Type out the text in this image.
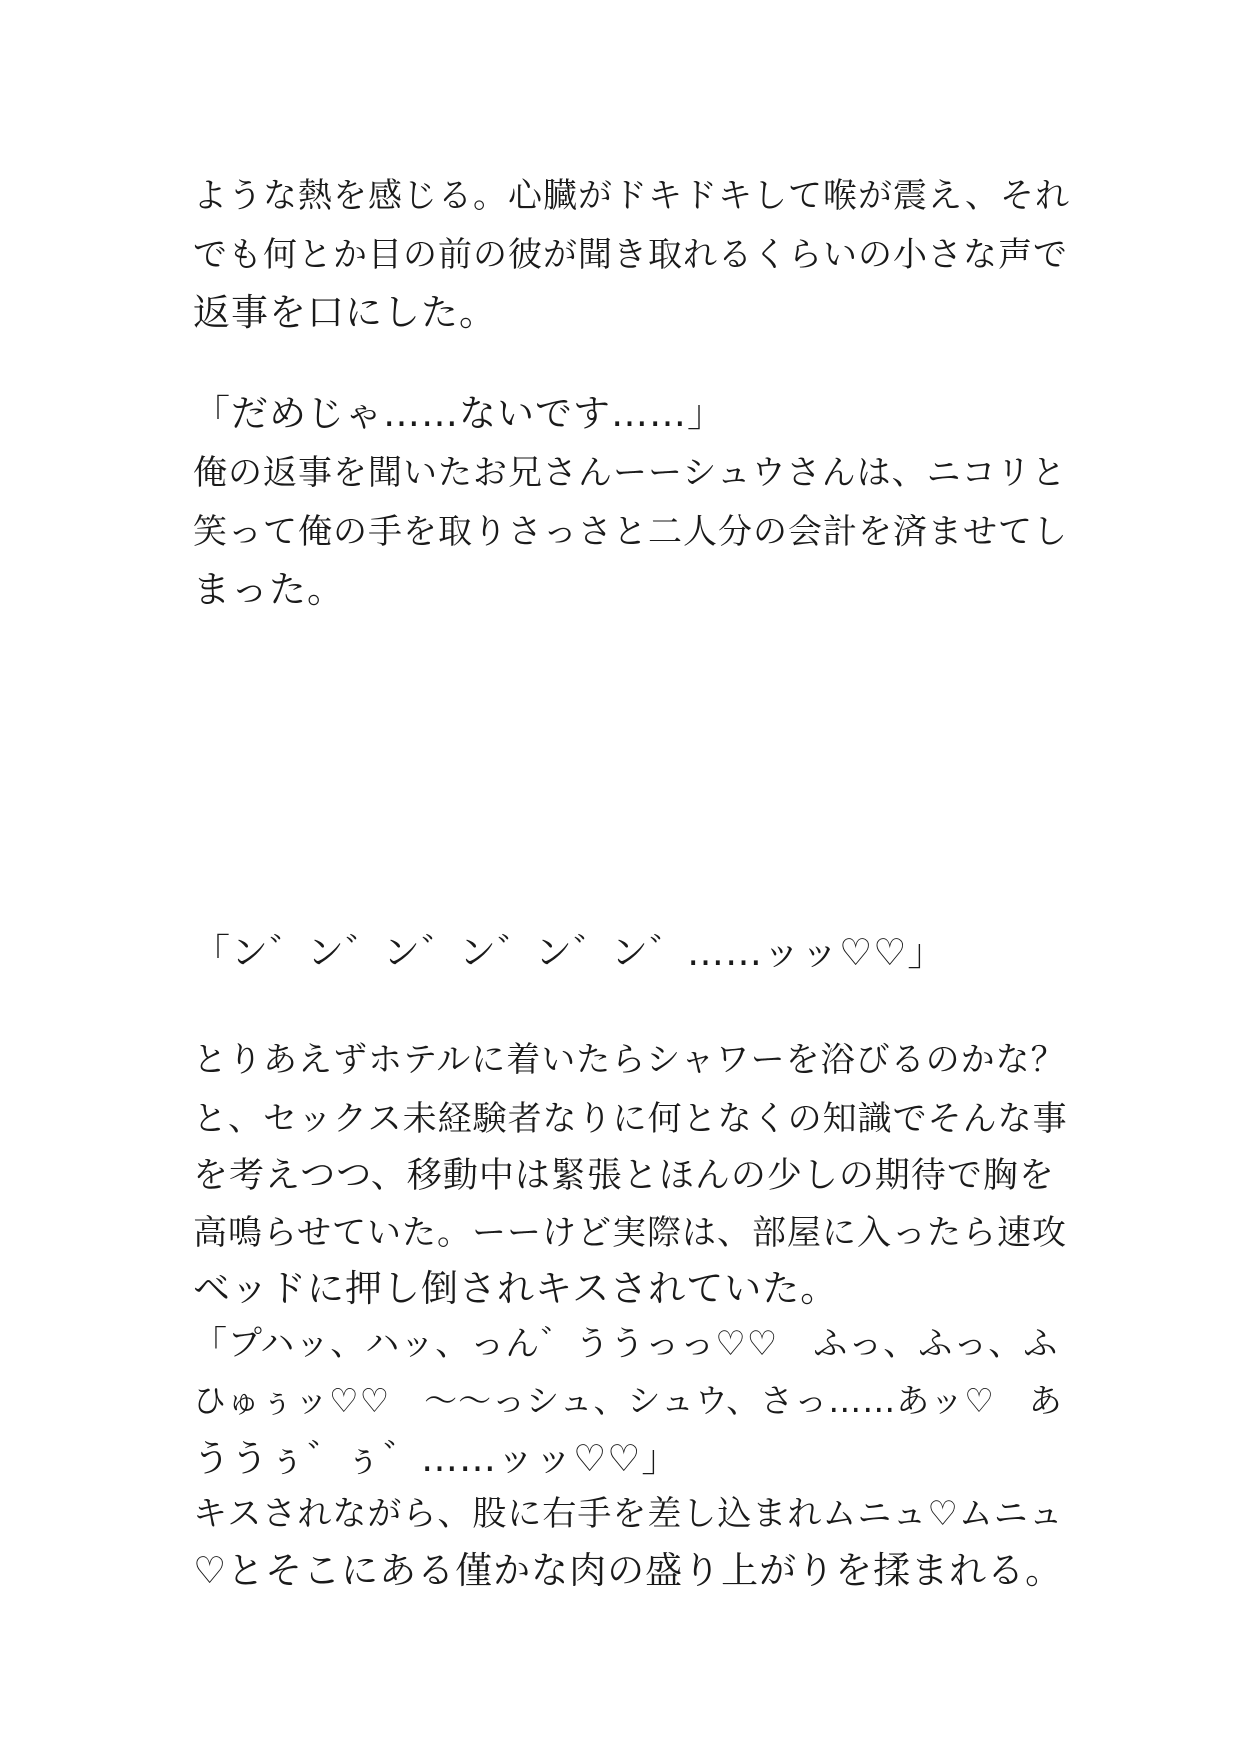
ような熱を感じる。心臓がドキドキして喉が震え、それ
でも何とか目の前の彼が聞き取れるくらいの小さな声で
返事を口にした。
「だめじゃ……ないです……」
俺の返事を聞いたお兄さんーーシュウさんは、ニコリと
笑って俺の手を取りさっさと二人分の会計を済ませてし
まった。
「ン゛ン゛ン゛ン゛ン゛ン゛……ッッ♡♡」
とりあえずホテルに着いたらシャワーを浴びるのかな？
と、セックス未経験者なりに何となくの知識でそんな事
を考えつつ、移動中は緊張とほんの少しの期待で胸を
高鳴らせていた。ーーけど実際は、部屋に入ったら速攻
ベッドに押し倒されキスされていた。
「プハッ、ハッ、っん゛ううっっ♡♡　ふっ、ふっ、ふ
ひゅぅッ♡♡　～～っシュ、シュウ、さっ……あッ♡　あ
ううぅ゛ぅ゛……ッッ♡♡」
キスされながら、股に右手を差し込まれムニュ♡ムニュ
♡とそこにある僅かな肉の盛り上がりを揉まれる。
